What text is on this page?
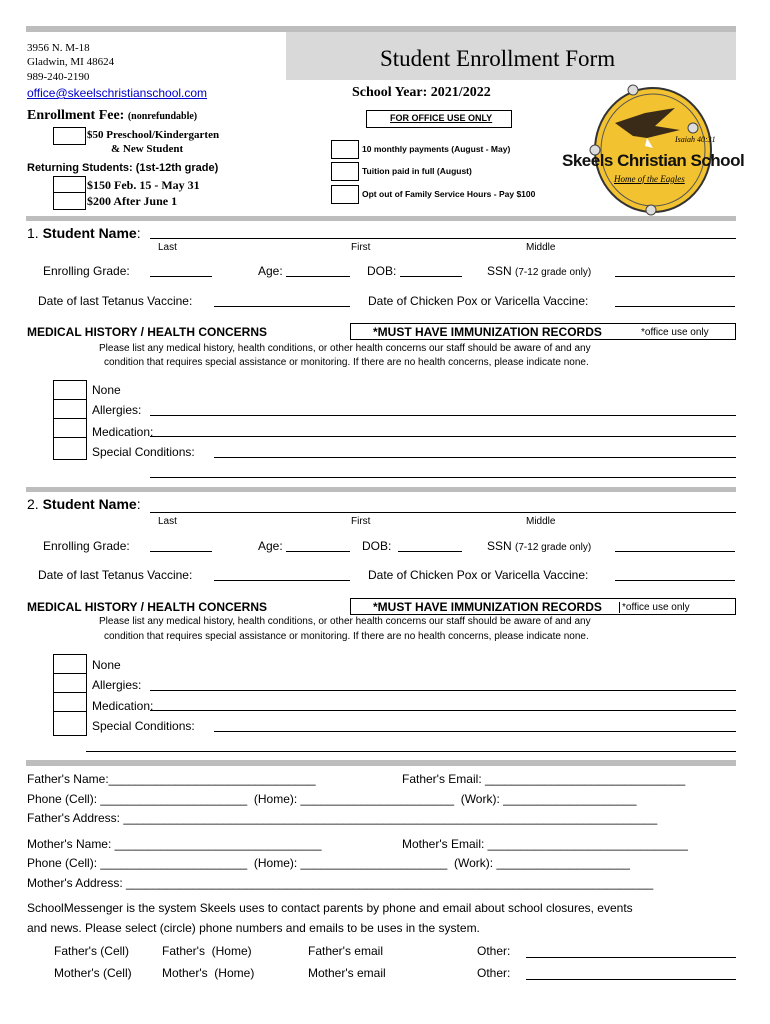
3956 N. M-18
Gladwin, MI 48624
989-240-2190
office@skeelschristianschool.com
Student Enrollment Form
School Year: 2021/2022
Enrollment Fee: (nonrefundable)
$50 Preschool/Kindergarten
& New Student
Returning Students: (1st-12th grade)
$150 Feb. 15 - May 31
$200 After June 1
FOR OFFICE USE ONLY
10 monthly payments (August - May)
Tuition paid in full (August)
Opt out of Family Service Hours - Pay $100
Isaiah 40:31
Skeels Christian School
Home of the Eagles
1. Student Name:
Last	First	Middle
Enrolling Grade:	Age:	DOB:	SSN (7-12 grade only)
Date of last Tetanus Vaccine:	Date of Chicken Pox or Varicella Vaccine:
MEDICAL HISTORY / HEALTH CONCERNS	*MUST HAVE IMMUNIZATION RECORDS	*office use only
Please list any medical history, health conditions, or other health concerns our staff should be aware of and any
condition that requires special assistance or monitoring. If there are no health concerns, please indicate none.
None
Allergies:
Medication:
Special Conditions:
2. Student Name:
Last	First	Middle
Enrolling Grade:	Age:	DOB:	SSN (7-12 grade only)
Date of last Tetanus Vaccine:	Date of Chicken Pox or Varicella Vaccine:
MEDICAL HISTORY / HEALTH CONCERNS	*MUST HAVE IMMUNIZATION RECORDS	*office use only
Please list any medical history, health conditions, or other health concerns our staff should be aware of and any
condition that requires special assistance or monitoring. If there are no health concerns, please indicate none.
None
Allergies:
Medication:
Special Conditions:
Father's Name:_______________________________	Father's Email: ______________________________
Phone (Cell): ______________________  (Home): _______________________  (Work): ____________________
Father's Address: ________________________________________________________________________________
Mother's Name: _______________________________	Mother's Email: ______________________________
Phone (Cell): ______________________  (Home): ______________________  (Work): ____________________
Mother's Address: _______________________________________________________________________________
SchoolMessenger is the system Skeels uses to contact parents by phone and email about school closures, events
and news. Please select (circle) phone numbers and emails to be uses in the system.
Father's (Cell)	Father's  (Home)	Father's email	Other:
Mother's (Cell)	Mother's  (Home)	Mother's email	Other:
